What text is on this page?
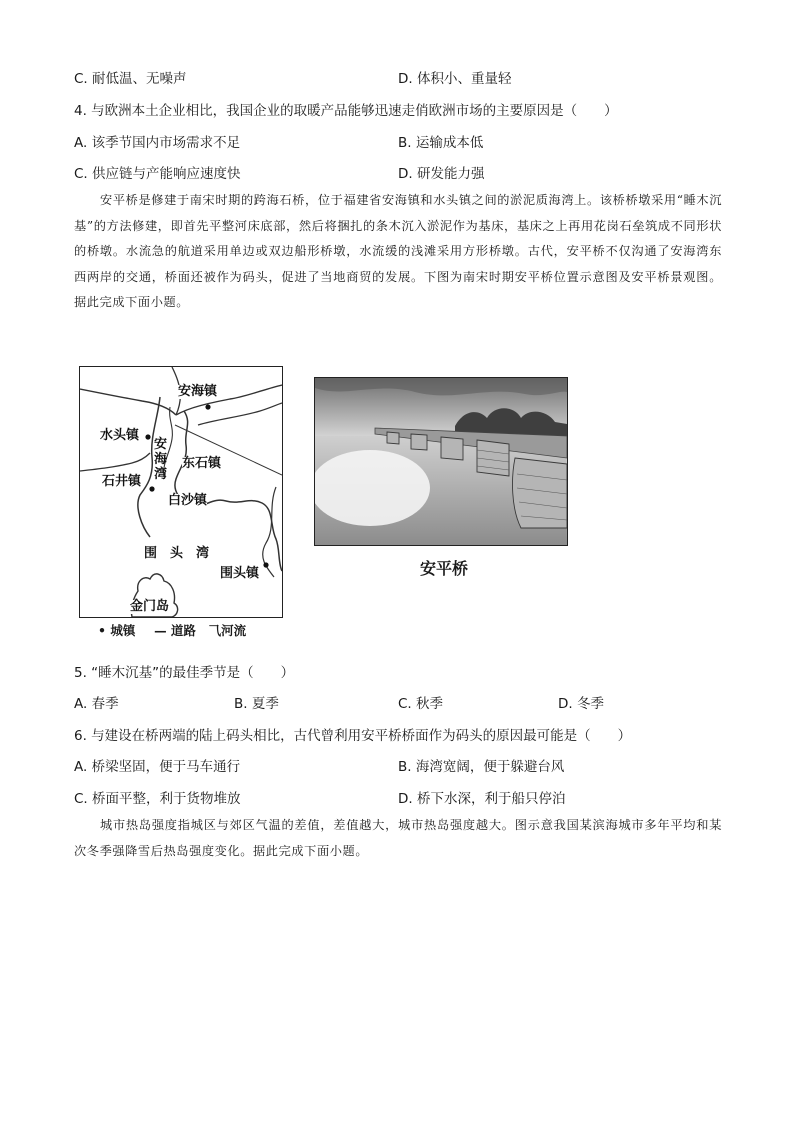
C. 耐低温、无噪声	D. 体积小、重量轻
4. 与欧洲本土企业相比，我国企业的取暖产品能够迅速走俏欧洲市场的主要原因是（　　）
A. 该季节国内市场需求不足	B. 运输成本低
C. 供应链与产能响应速度快	D. 研发能力强
安平桥是修建于南宋时期的跨海石桥，位于福建省安海镇和水头镇之间的淤泥质海湾上。该桥桥墩采用“睡木沉基”的方法修建，即首先平整河床底部，然后将捆扎的条木沉入淤泥作为基床，基床之上再用花岗石垒筑成不同形状的桥墩。水流急的航道采用单边或双边船形桥墩，水流缓的浅滩采用方形桥墩。古代，安平桥不仅沟通了安海湾东西两岸的交通，桥面还被作为码头，促进了当地商贸的发展。下图为南宋时期安平桥位置示意图及安平桥景观图。据此完成下面小题。
安海镇
水头镇
安海湾
东石镇
石井镇
白沙镇
围　头　湾
围头镇
金门岛
• 城镇 — 道路 ⺄河流
安平桥
5. “睡木沉基”的最佳季节是（　　）
A. 春季	B. 夏季	C. 秋季	D. 冬季
6. 与建设在桥两端的陆上码头相比，古代曾利用安平桥桥面作为码头的原因最可能是（　　）
A. 桥梁坚固，便于马车通行	B. 海湾宽阔，便于躲避台风
C. 桥面平整，利于货物堆放	D. 桥下水深，利于船只停泊
城市热岛强度指城区与郊区气温的差值，差值越大，城市热岛强度越大。图示意我国某滨海城市多年平均和某次冬季强降雪后热岛强度变化。据此完成下面小题。
